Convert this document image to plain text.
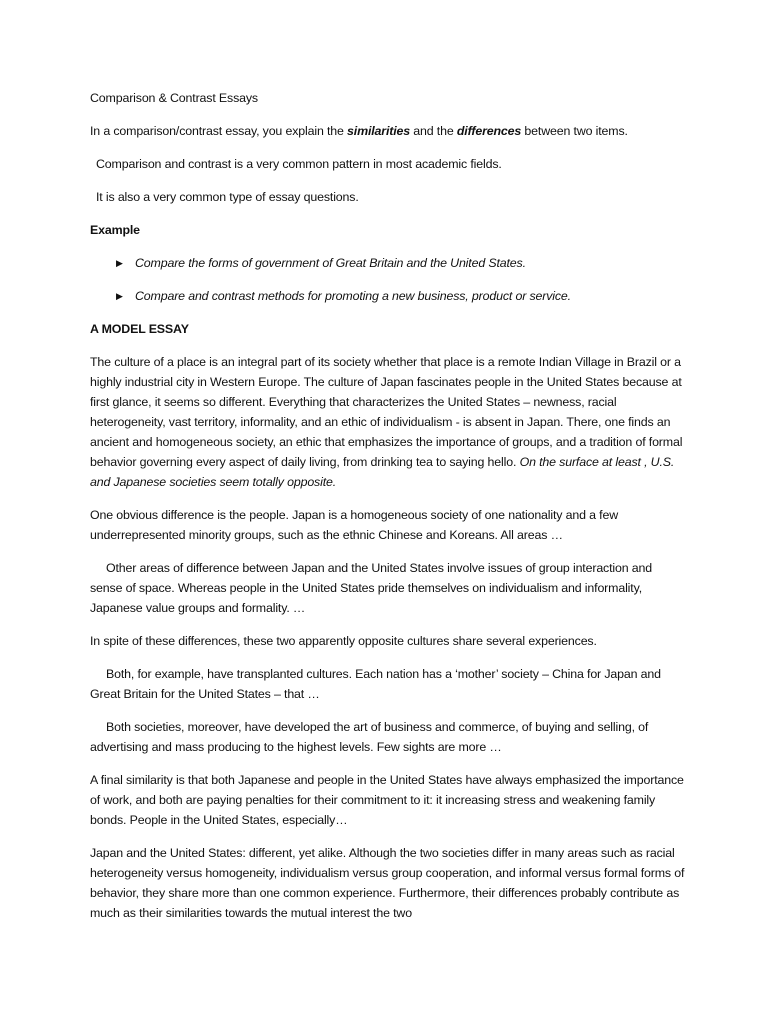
Comparison & Contrast Essays

In a comparison/contrast essay, you explain the similarities and the differences between two items.

Comparison and contrast is a very common pattern in most academic fields.

It is also a very common type of essay questions.

Example

▶ Compare the forms of government of Great Britain and the United States.

▶ Compare and contrast methods for promoting a new business, product or service.

A MODEL ESSAY

The culture of a place is an integral part of its society whether that place is a remote Indian Village in Brazil or a highly industrial city in Western Europe. The culture of Japan fascinates people in the United States because at first glance, it seems so different. Everything that characterizes the United States – newness, racial heterogeneity, vast territory, informality, and an ethic of individualism - is absent in Japan. There, one finds an ancient and homogeneous society, an ethic that emphasizes the importance of groups, and a tradition of formal behavior governing every aspect of daily living, from drinking tea to saying hello. On the surface at least , U.S. and Japanese societies seem totally opposite.

One obvious difference is the people. Japan is a homogeneous society of one nationality and a few underrepresented minority groups, such as the ethnic Chinese and Koreans. All areas …

Other areas of difference between Japan and the United States involve issues of group interaction and sense of space. Whereas people in the United States pride themselves on individualism and informality, Japanese value groups and formality. …

In spite of these differences, these two apparently opposite cultures share several experiences.

Both, for example, have transplanted cultures. Each nation has a ‘mother’ society – China for Japan and Great Britain for the United States – that …

Both societies, moreover, have developed the art of business and commerce, of buying and selling, of advertising and mass producing to the highest levels. Few sights are more …

A final similarity is that both Japanese and people in the United States have always emphasized the importance of work, and both are paying penalties for their commitment to it: it increasing stress and weakening family bonds. People in the United States, especially…

Japan and the United States: different, yet alike. Although the two societies differ in many areas such as racial heterogeneity versus homogeneity, individualism versus group cooperation, and informal versus formal forms of behavior, they share more than one common experience. Furthermore, their differences probably contribute as much as their similarities towards the mutual interest the two
